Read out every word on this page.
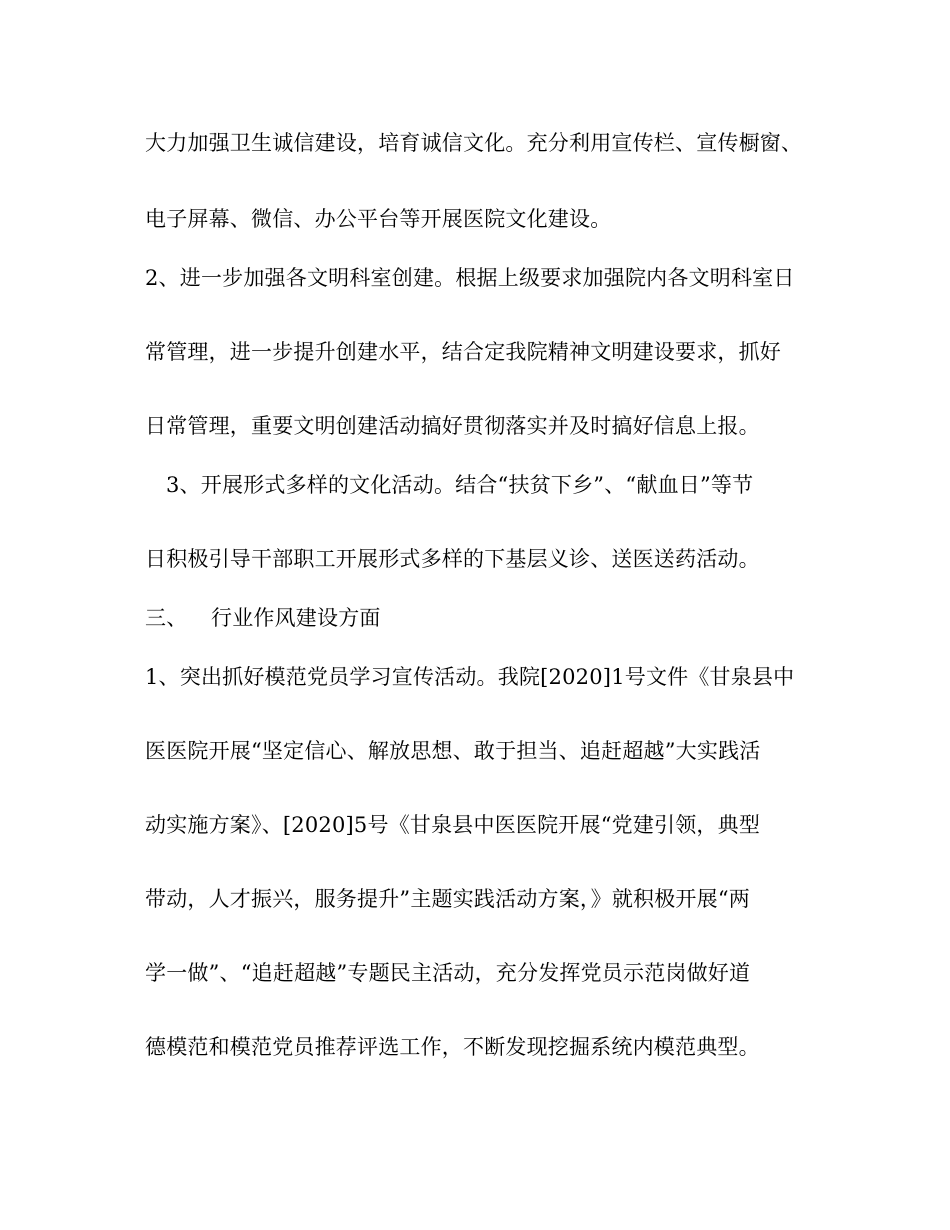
大力加强卫生诚信建设，培育诚信文化。充分利用宣传栏、宣传橱窗、
电子屏幕、微信、办公平台等开展医院文化建设。
2、进一步加强各文明科室创建。根据上级要求加强院内各文明科室日
常管理，进一步提升创建水平，结合定我院精神文明建设要求，抓好
日常管理，重要文明创建活动搞好贯彻落实并及时搞好信息上报。
3、开展形式多样的文化活动。结合“扶贫下乡”、“献血日”等节
日积极引导干部职工开展形式多样的下基层义诊、送医送药活动。
三、 行业作风建设方面
1、突出抓好模范党员学习宣传活动。我院[2020]1号文件《甘泉县中
医医院开展“坚定信心、解放思想、敢于担当、追赶超越”大实践活
动实施方案》、[2020]5号《甘泉县中医医院开展“党建引领，典型
带动，人才振兴，服务提升”主题实践活动方案，》就积极开展“两
学一做”、“追赶超越”专题民主活动，充分发挥党员示范岗做好道
德模范和模范党员推荐评选工作，不断发现挖掘系统内模范典型。
